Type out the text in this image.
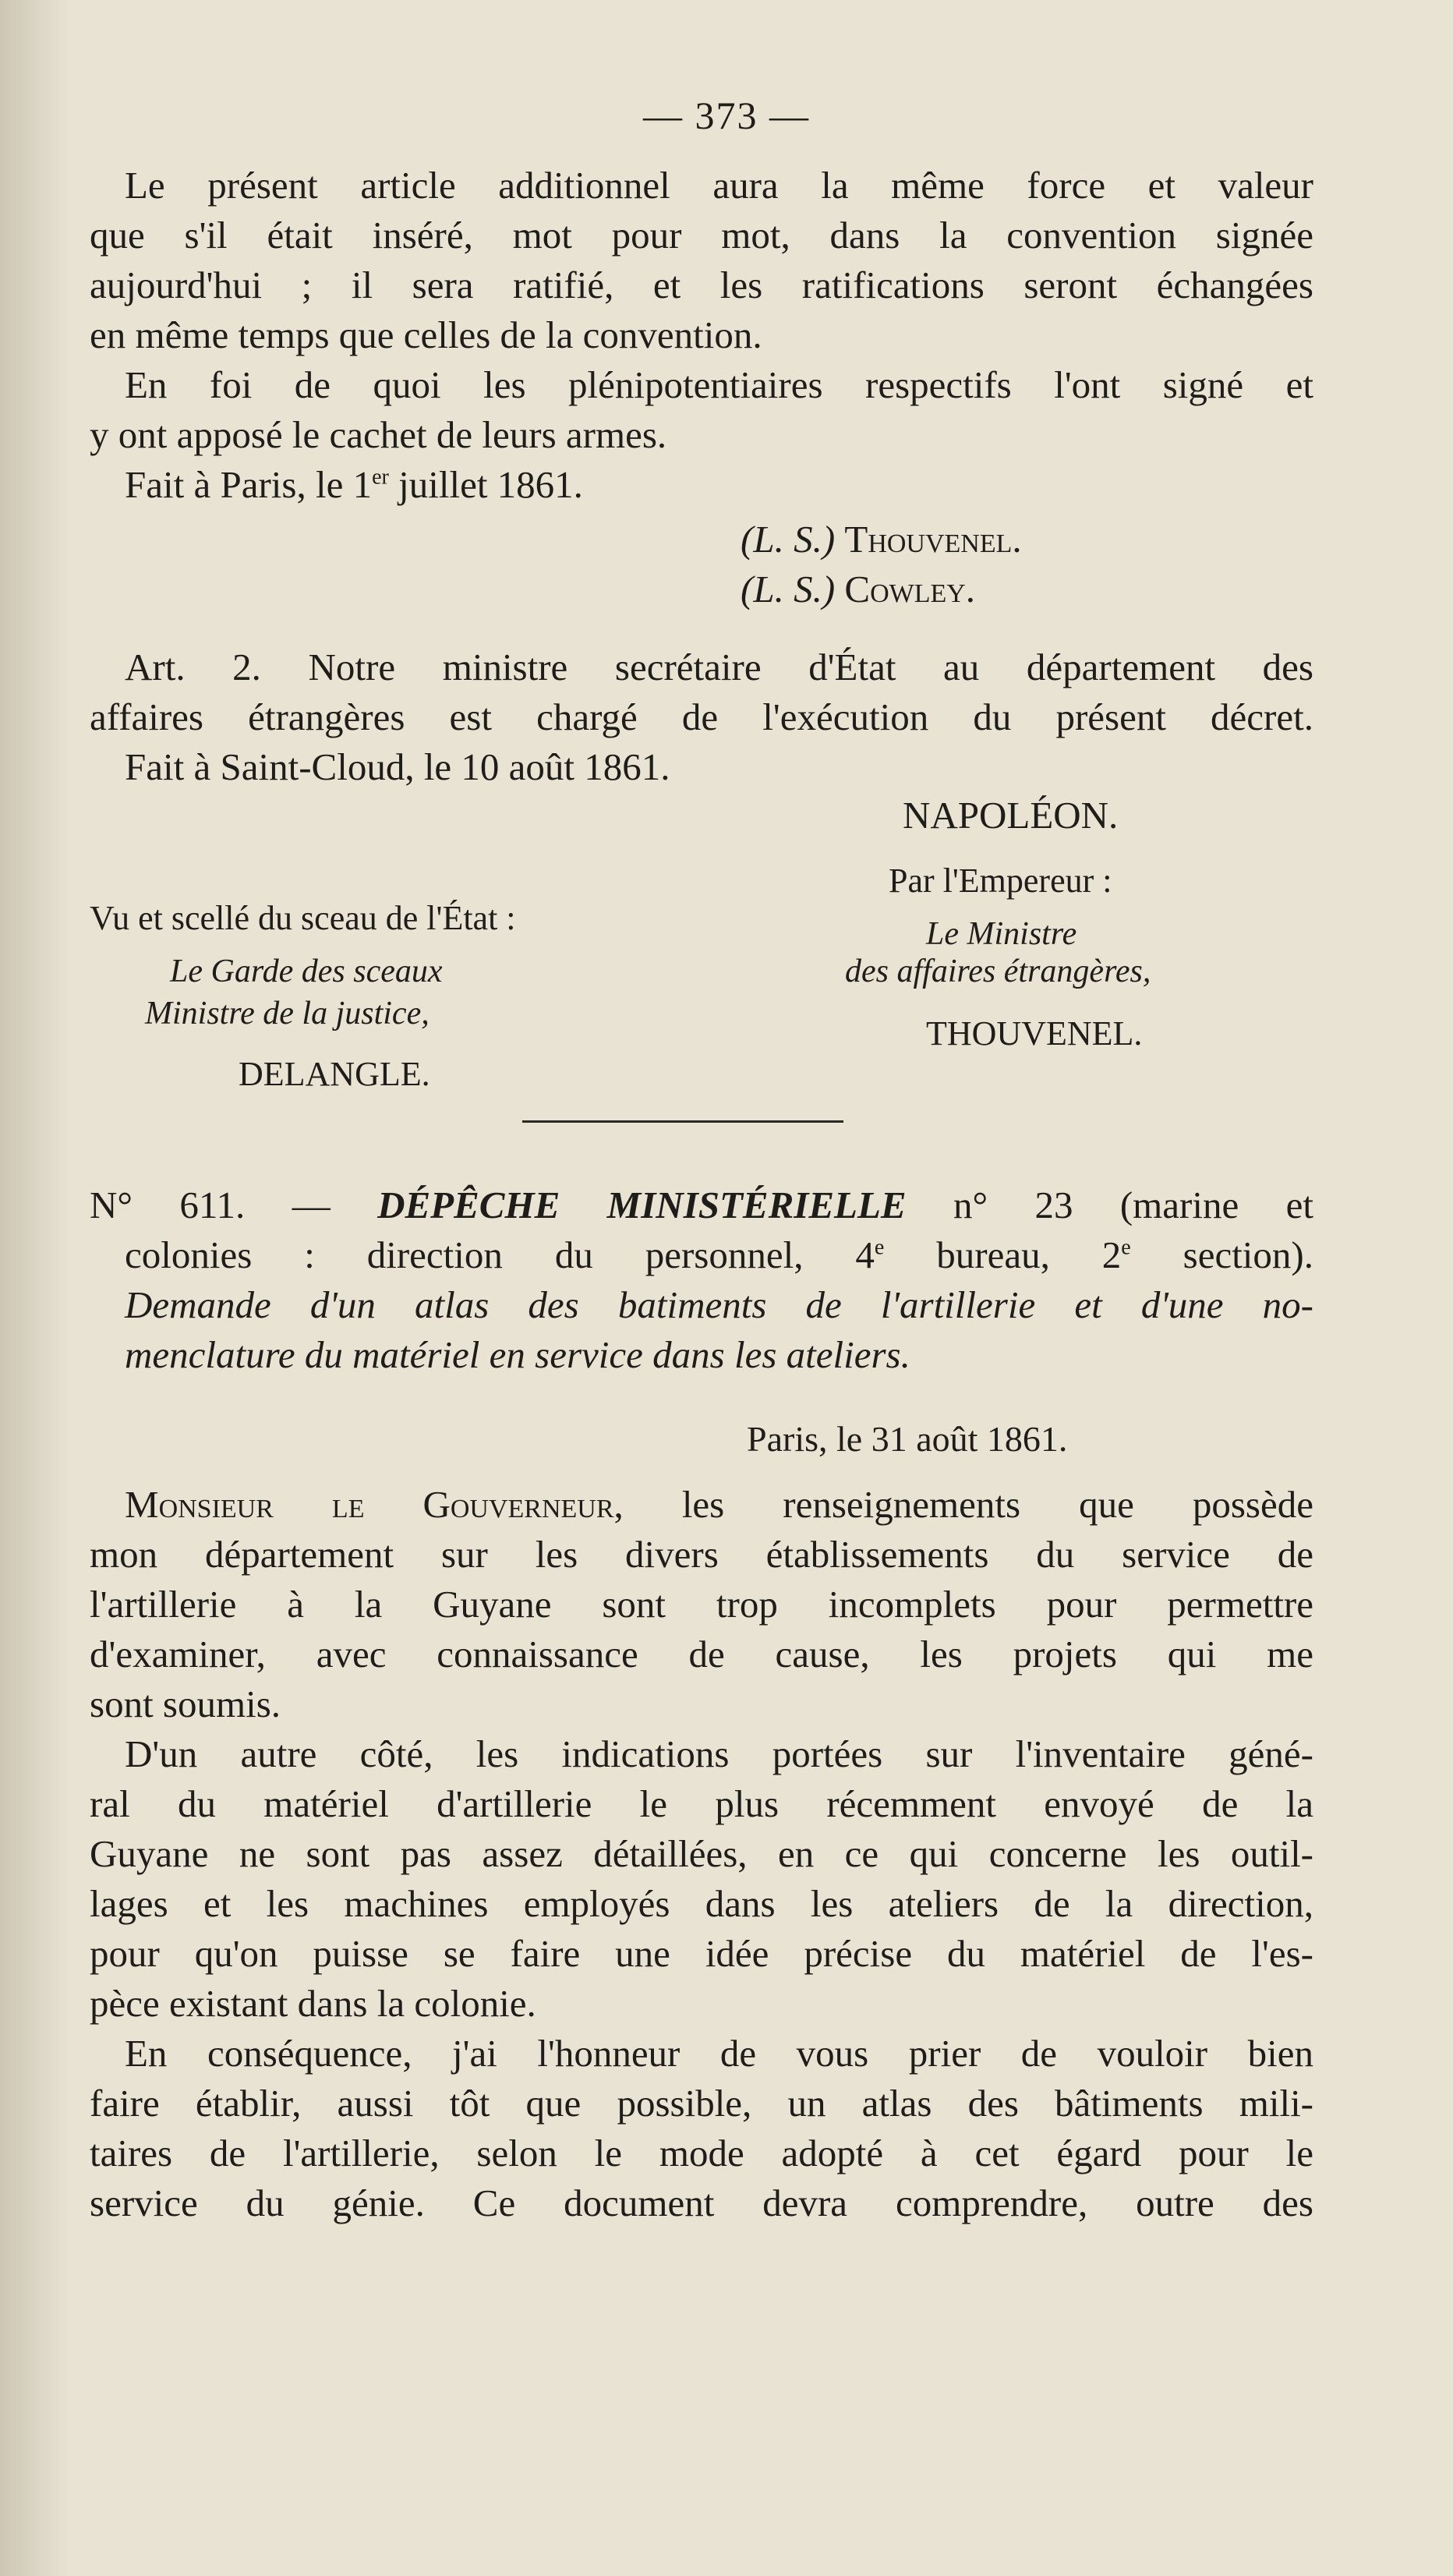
— 373 —
Le présent article additionnel aura la même force et valeur
que s'il était inséré, mot pour mot, dans la convention signée
aujourd'hui ; il sera ratifié, et les ratifications seront échangées
en même temps que celles de la convention.
En foi de quoi les plénipotentiaires respectifs l'ont signé et
y ont apposé le cachet de leurs armes.
Fait à Paris, le 1er juillet 1861.
(L. S.) Thouvenel.
(L. S.) Cowley.
Art. 2. Notre ministre secrétaire d'État au département des
affaires étrangères est chargé de l'exécution du présent décret.
Fait à Saint-Cloud, le 10 août 1861.
NAPOLÉON.
Par l'Empereur :
Vu et scellé du sceau de l'État :	Le Ministre
Le Garde des sceaux	des affaires étrangères,
Ministre de la justice,
THOUVENEL.
DELANGLE.
N° 611. — DÉPÊCHE MINISTÉRIELLE n° 23 (marine et
colonies : direction du personnel, 4e bureau, 2e section).
Demande d'un atlas des batiments de l'artillerie et d'une no-
menclature du matériel en service dans les ateliers.
Paris, le 31 août 1861.
Monsieur le Gouverneur, les renseignements que possède
mon département sur les divers établissements du service de
l'artillerie à la Guyane sont trop incomplets pour permettre
d'examiner, avec connaissance de cause, les projets qui me
sont soumis.
D'un autre côté, les indications portées sur l'inventaire géné-
ral du matériel d'artillerie le plus récemment envoyé de la
Guyane ne sont pas assez détaillées, en ce qui concerne les outil-
lages et les machines employés dans les ateliers de la direction,
pour qu'on puisse se faire une idée précise du matériel de l'es-
pèce existant dans la colonie.
En conséquence, j'ai l'honneur de vous prier de vouloir bien
faire établir, aussi tôt que possible, un atlas des bâtiments mili-
taires de l'artillerie, selon le mode adopté à cet égard pour le
service du génie. Ce document devra comprendre, outre des
